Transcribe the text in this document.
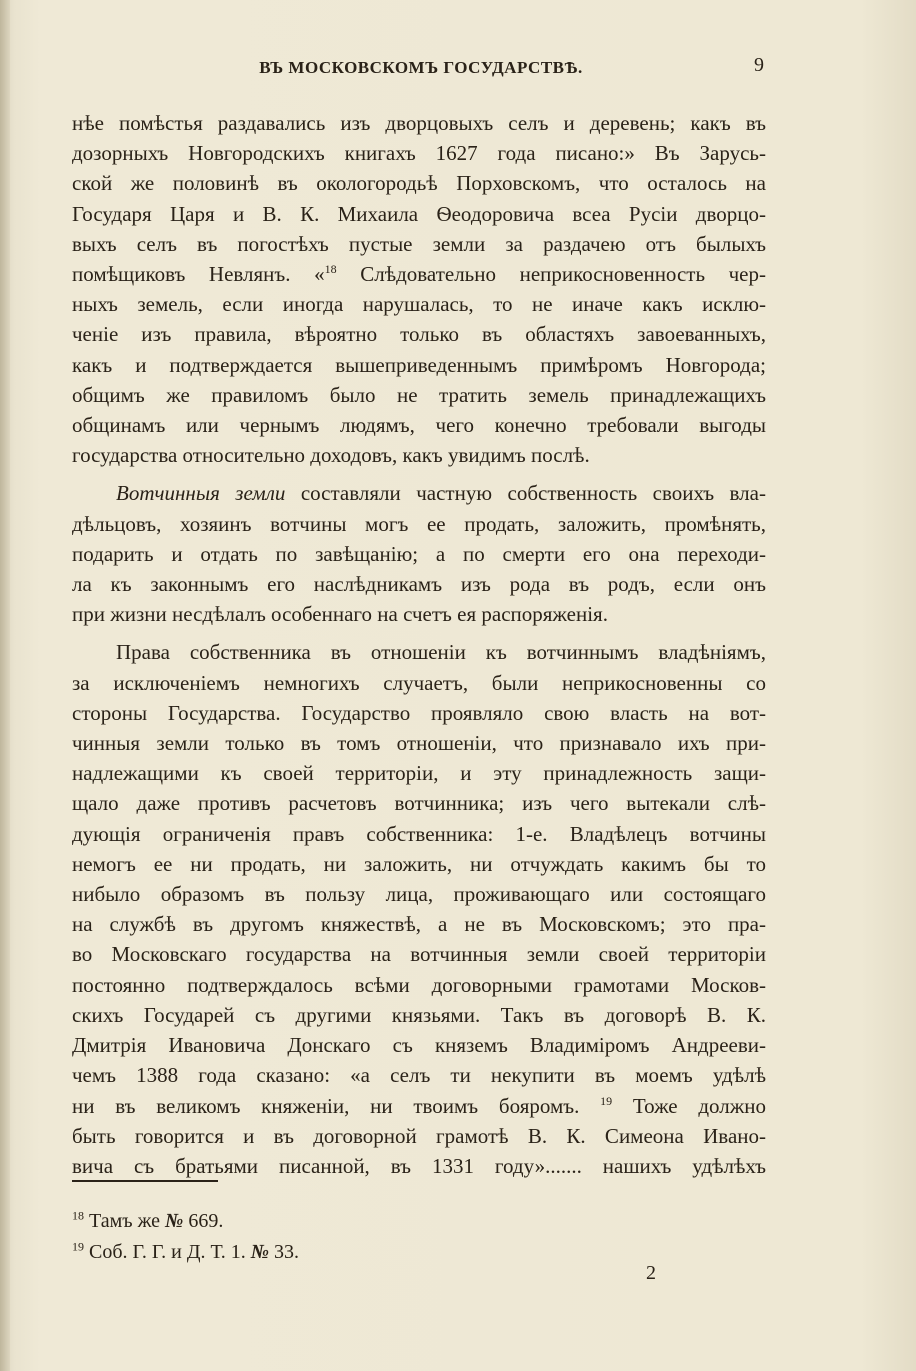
ВЪ МОСКОВСКОМЪ ГОСУДАРСТВѢ.	9
нѣе помѣстья раздавались изъ дворцовыхъ селъ и деревень; какъ въ
дозорныхъ Новгородскихъ книгахъ 1627 года писано:» Въ Заруcь-
ской же половинѣ въ окологородьѣ Порховскомъ, что осталось на
Государя Царя и В. К. Михаила Ѳеодоровича всеа Русiи дворцо-
выхъ селъ въ погостѣхъ пустые земли за раздачею отъ былыхъ
помѣщиковъ Невлянъ. «$^{18}$ Слѣдовательно неприкосновенность чер-
ныхъ земель, если иногда нарушалась, то не иначе какъ исклю-
ченiе изъ правила, вѣроятно только въ областяхъ завоеванныхъ,
какъ и подтверждается вышеприведеннымъ примѣромъ Новгорода;
общимъ же правиломъ было не тратить земель принадлежащихъ
общинамъ или чернымъ людямъ, чего конечно требовали выгоды
государства относительно доходовъ, какъ увидимъ послѣ.
Вотчинныя земли составляли частную собственность своихъ вла-
дѣльцовъ, хозяинъ вотчины могъ ее продать, заложить, промѣнять,
подарить и отдать по завѣщанiю; а по смерти его она переходи-
ла къ законнымъ его наслѣдникамъ изъ рода въ родъ, если онъ
при жизни несдѣлалъ особеннаго на счетъ ея распоряженiя.
Права собственника въ отношенiи къ вотчиннымъ владѣнiямъ,
за исключенiемъ немногихъ случаетъ, были неприкосновенны со
стороны Государства. Государство проявляло свою власть на вот-
чинныя земли только въ томъ отношенiи, что признавало ихъ при-
надлежащими къ своей территорiи, и эту принадлежность защи-
щало даже противъ расчетовъ вотчинника; изъ чего вытекали слѣ-
дующiя ограниченiя правъ собственника: 1-е. Владѣлецъ вотчины
немогъ ее ни продать, ни заложить, ни отчуждать какимъ бы то
нибыло образомъ въ пользу лица, проживающаго или состоящаго
на службѣ въ другомъ княжествѣ, а не въ Московскомъ; это пра-
во Московскаго государства на вотчинныя земли своей территорiи
постоянно подтверждалось всѣми договорными грамотами Москов-
скихъ Государей съ другими князьями. Такъ въ договорѣ В. К.
Дмитрiя Ивановича Донскаго съ княземъ Владимiромъ Андрееви-
чемъ 1388 года сказано: «а селъ ти некупити въ моемъ удѣлѣ
ни въ великомъ княженiи, ни твоимъ бояромъ. $^{19}$ Тоже должно
быть говорится и въ договорной грамотѣ В. К. Симеона Ивано-
вича съ братьями писанной, въ 1331 году»....... нашихъ удѣлѣхъ
$^{18}$ Тамъ же № 669.
$^{19}$ Соб. Г. Г. и Д. Т. 1. № 33.
2
